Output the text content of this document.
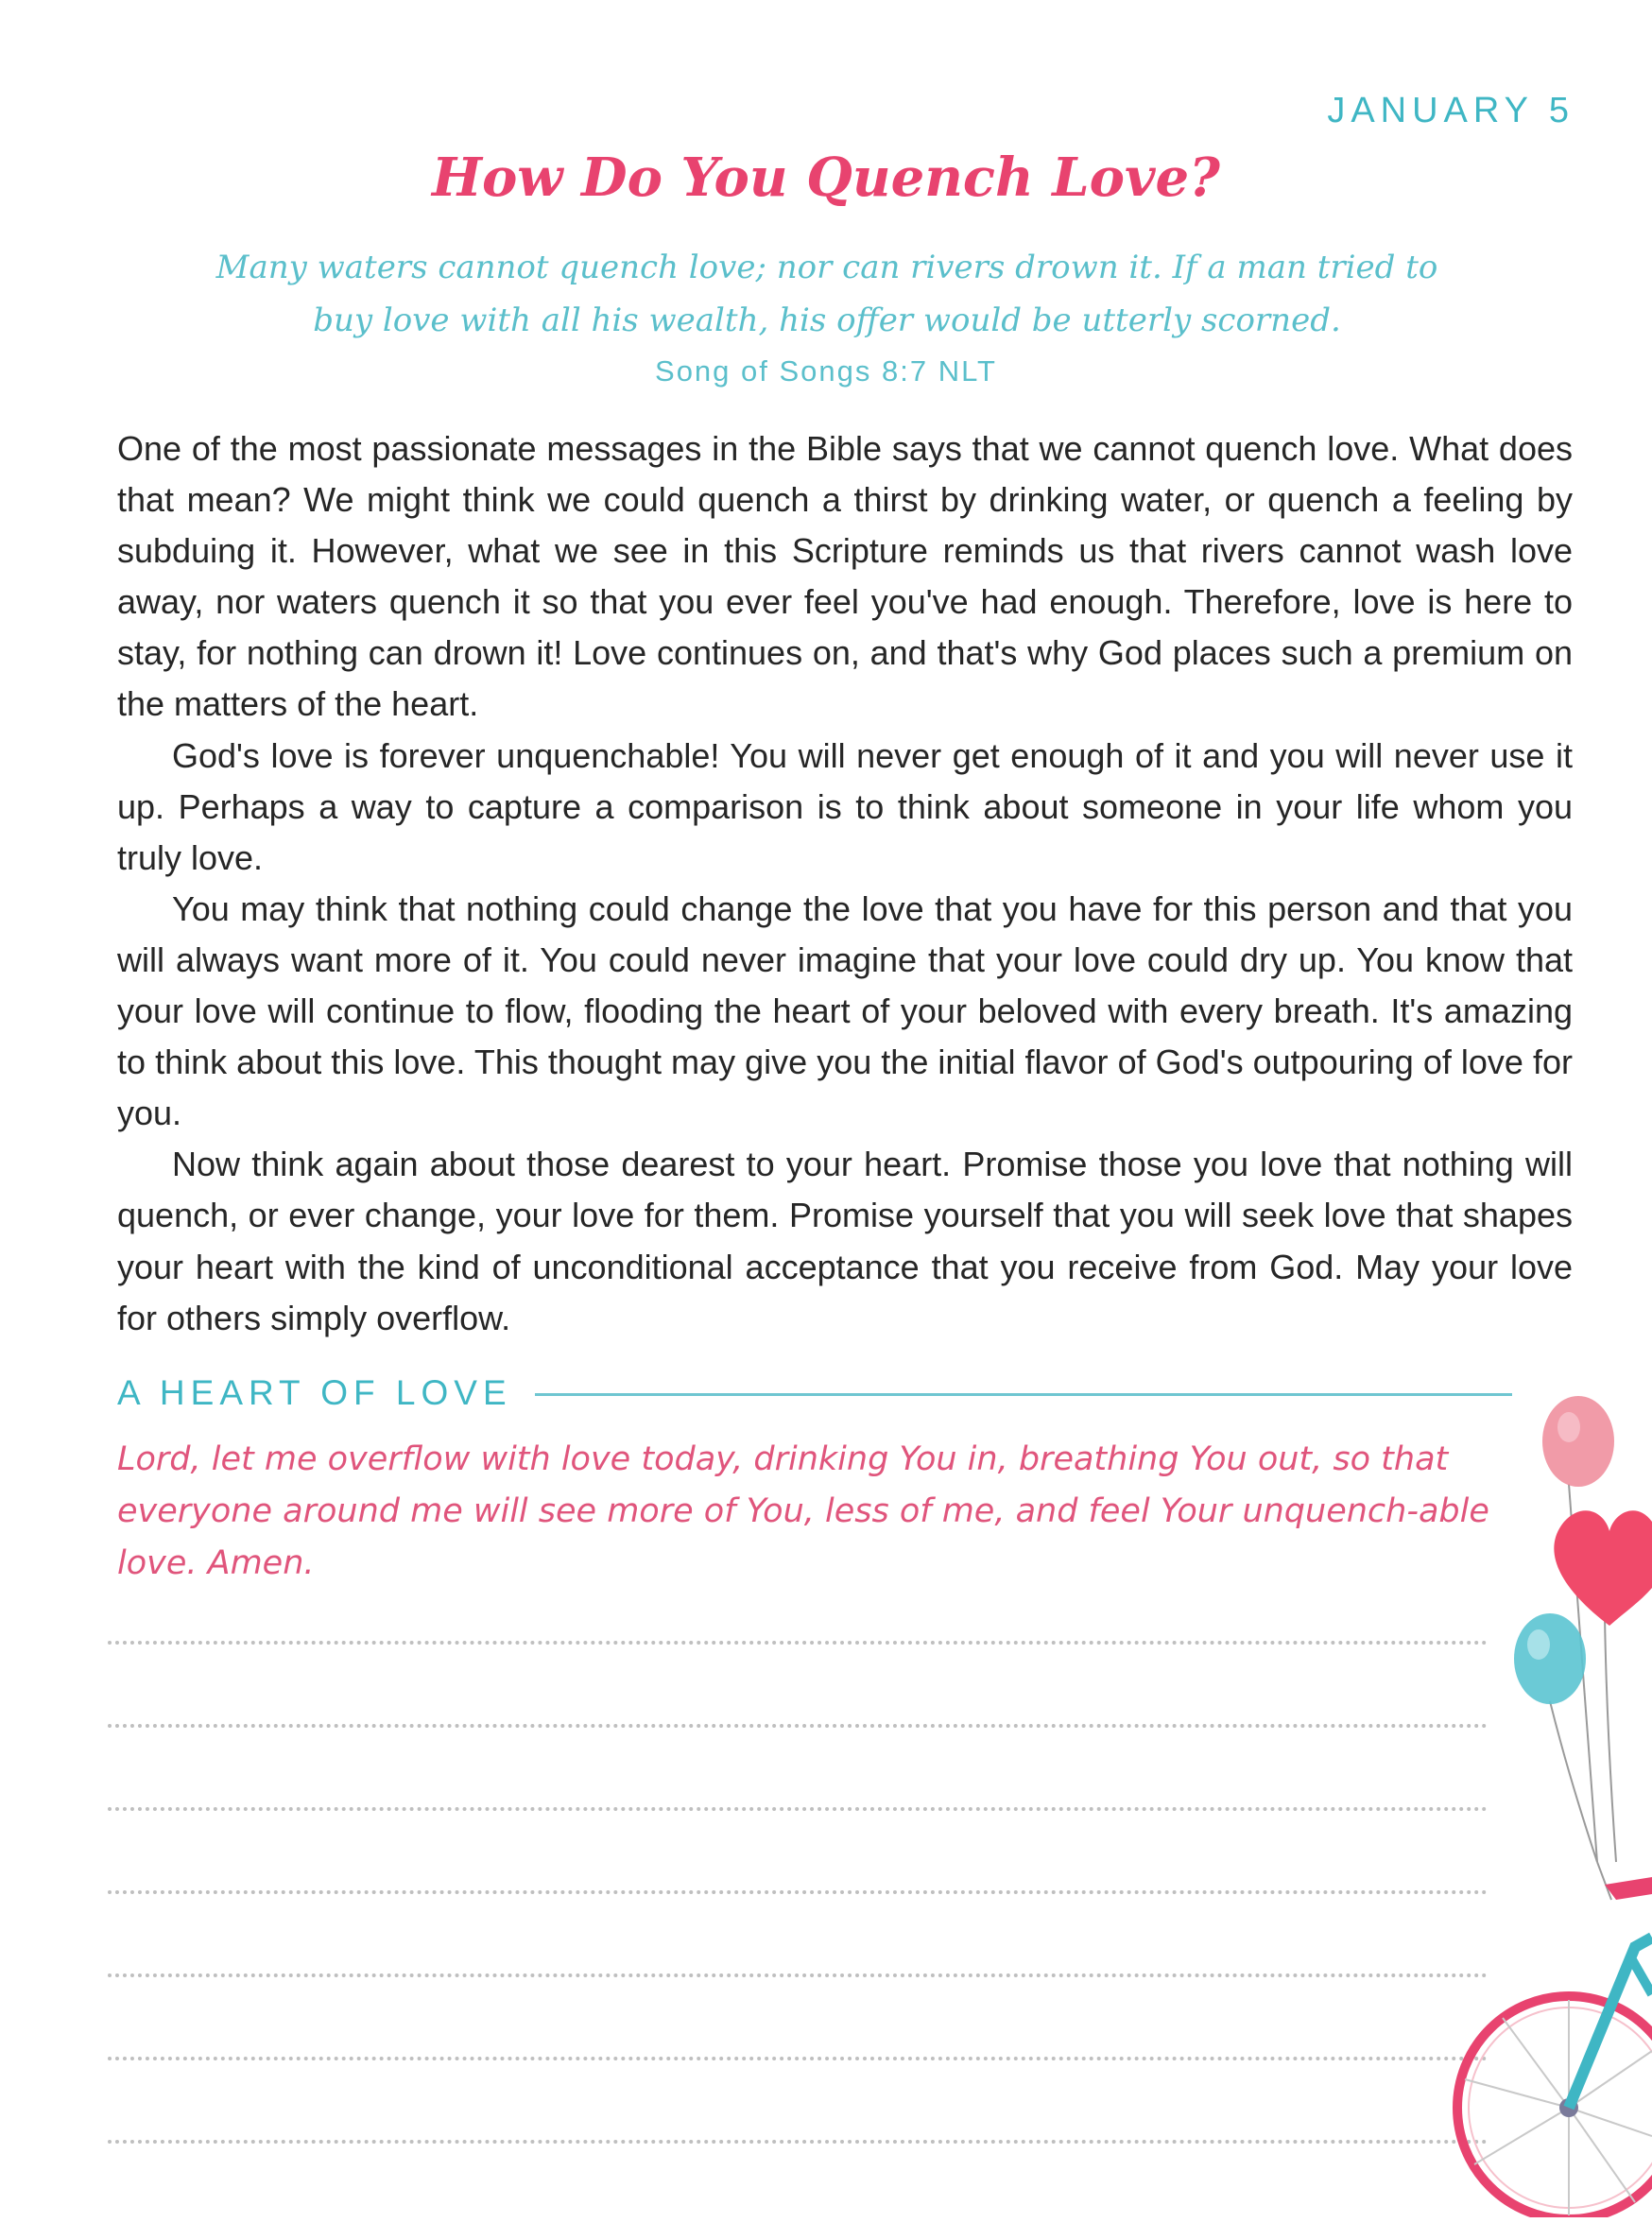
JANUARY 5
How Do You Quench Love?
Many waters cannot quench love; nor can rivers drown it. If a man tried to buy love with all his wealth, his offer would be utterly scorned.
Song of Songs 8:7 NLT

One of the most passionate messages in the Bible says that we cannot quench love. What does that mean? We might think we could quench a thirst by drinking water, or quench a feeling by subduing it. However, what we see in this Scripture reminds us that rivers cannot wash love away, nor waters quench it so that you ever feel you've had enough. Therefore, love is here to stay, for nothing can drown it! Love continues on, and that's why God places such a premium on the matters of the heart.

God's love is forever unquenchable! You will never get enough of it and you will never use it up. Perhaps a way to capture a comparison is to think about someone in your life whom you truly love.

You may think that nothing could change the love that you have for this person and that you will always want more of it. You could never imagine that your love could dry up. You know that your love will continue to flow, flooding the heart of your beloved with every breath. It's amazing to think about this love. This thought may give you the initial flavor of God's outpouring of love for you.

Now think again about those dearest to your heart. Promise those you love that nothing will quench, or ever change, your love for them. Promise yourself that you will seek love that shapes your heart with the kind of unconditional acceptance that you receive from God. May your love for others simply overflow.

A HEART OF LOVE
Lord, let me overflow with love today, drinking You in, breathing You out, so that everyone around me will see more of You, less of me, and feel Your unquench-able love. Amen.
